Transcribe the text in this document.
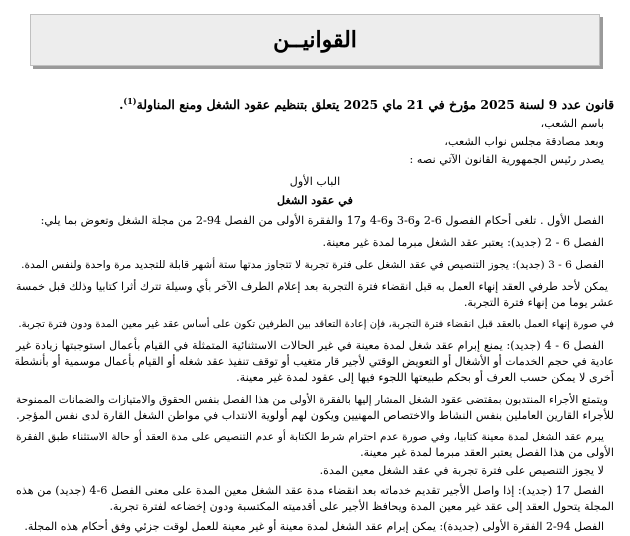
القوانيــن
قانون عدد 9 لسنة 2025 مؤرخ في 21 ماي 2025 يتعلق بتنظيم عقود الشغل ومنع المناولة$^{(1)}$.
باسم الشعب،
وبعد مصادقة مجلس نواب الشعب،
يصدر رئيس الجمهورية القانون الآتي نصه :
الباب الأول
في عقود الشغل
الفصل الأول . تلغى أحكام الفصول 6-2 و6-3 و6-4 و17 والفقرة الأولى من الفصل 94-2 من مجلة الشغل وتعوض بما يلي:
الفصل 6 - 2 (جديد): يعتبر عقد الشغل مبرما لمدة غير معينة.
الفصل 6 - 3 (جديد): يجوز التنصيص في عقد الشغل على فترة تجربة لا تتجاوز مدتها ستة أشهر قابلة للتجديد مرة واحدة ولنفس المدة.
يمكن لأحد طرفي العقد إنهاء العمل به قبل انقضاء فترة التجربة بعد إعلام الطرف الآخر بأي وسيلة تترك أثرا كتابيا وذلك قبل خمسة
عشر يوما من إنهاء فترة التجربة.
في صورة إنهاء العمل بالعقد قبل انقضاء فترة التجربة، فإن إعادة التعاقد بين الطرفين تكون على أساس عقد غير معين المدة ودون فترة تجربة.
الفصل 6 - 4 (جديد): يمنع إبرام عقد شغل لمدة معينة في غير الحالات الاستثنائية المتمثلة في القيام بأعمال استوجبتها زيادة غير
عادية في حجم الخدمات أو الأشغال أو التعويض الوقتي لأجير قار متغيب أو توقف تنفيذ عقد شغله أو القيام بأعمال موسمية أو بأنشطة
أخرى لا يمكن حسب العرف أو بحكم طبيعتها اللجوء فيها إلى عقود لمدة غير معينة.
ويتمتع الأجراء المنتدبون بمقتضى عقود الشغل المشار إليها بالفقرة الأولى من هذا الفصل بنفس الحقوق والامتيازات والضمانات الممنوحة
للأجراء القارين العاملين بنفس النشاط والاختصاص المهنيين ويكون لهم أولوية الانتداب في مواطن الشغل القارة لدى نفس المؤجر.
يبرم عقد الشغل لمدة معينة كتابيا، وفي صورة عدم احترام شرط الكتابة أو عدم التنصيص على مدة العقد أو حالة الاستثناء طبق الفقرة
الأولى من هذا الفصل يعتبر العقد مبرما لمدة غير معينة.
لا يجوز التنصيص على فترة تجربة في عقد الشغل معين المدة.
الفصل 17 (جديد): إذا واصل الأجير تقديم خدماته بعد انقضاء مدة عقد الشغل معين المدة على معنى الفصل 6-4 (جديد) من هذه
المجلة يتحول العقد إلى عقد غير معين المدة ويحافظ الأجير على أقدميته المكتسبة ودون إخضاعه لفترة تجربة.
الفصل 94-2 الفقرة الأولى (جديدة): يمكن إبرام عقد الشغل لمدة معينة أو غير معينة للعمل لوقت جزئي وفق أحكام هذه المجلة.
